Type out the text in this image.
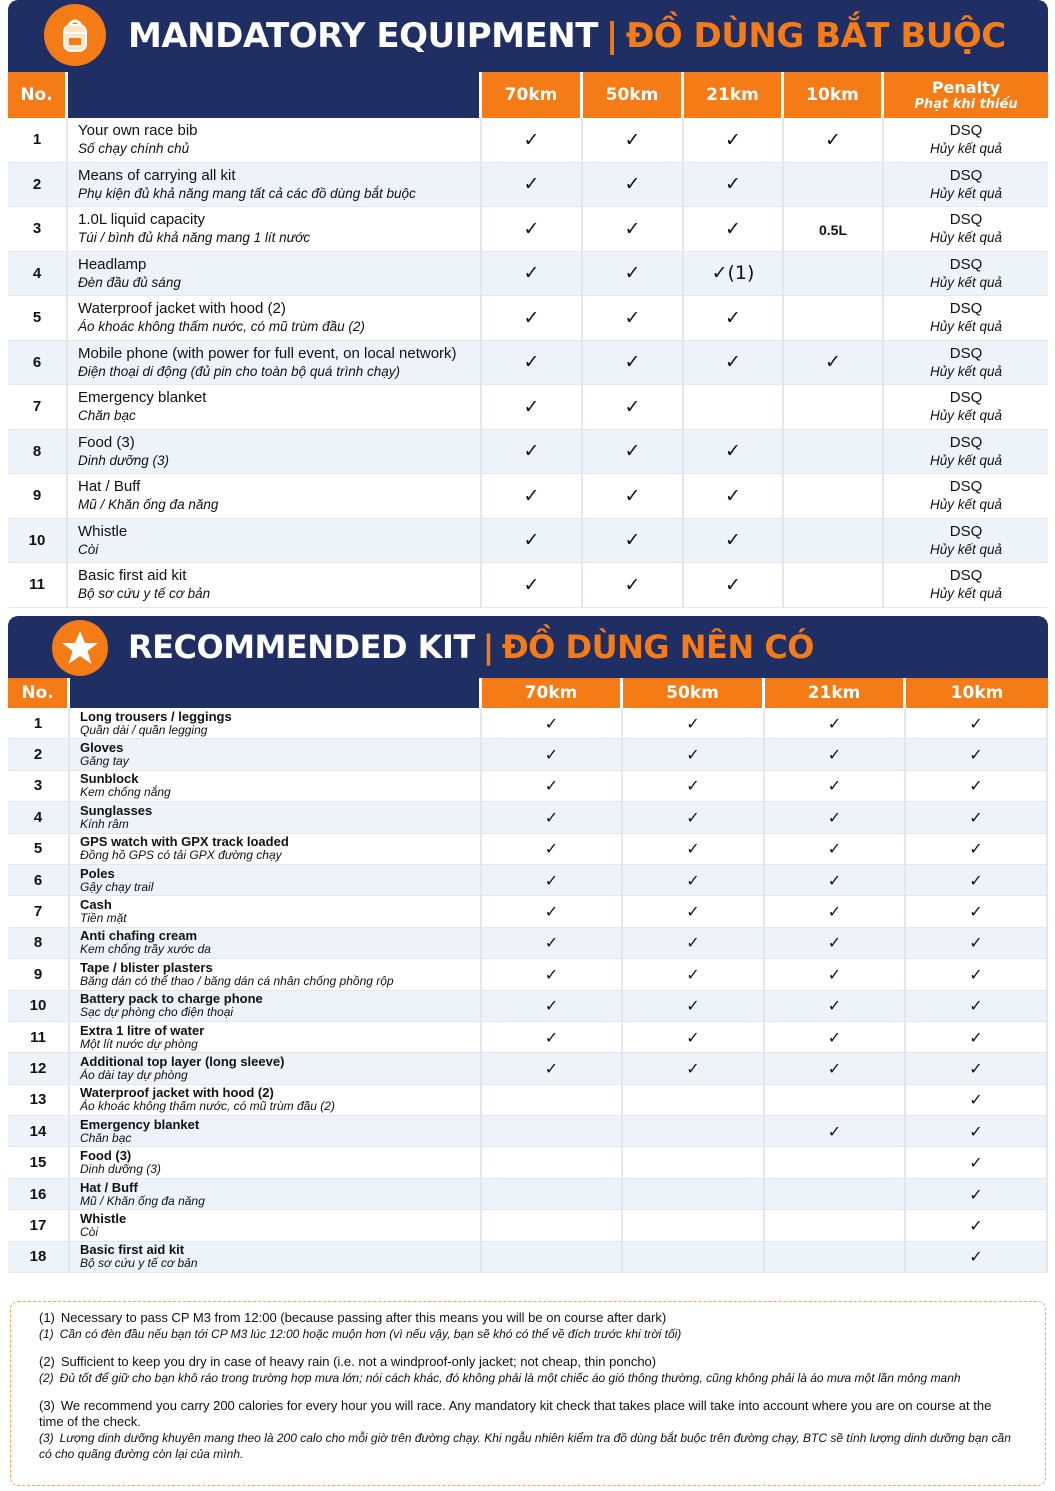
MANDATORY EQUIPMENT | ĐỒ DÙNG BẮT BUỘC
No.		70km	50km	21km	10km	Penalty
Phạt khi thiếu

1	Your own race bib
Số chạy chính chủ	✓	✓	✓	✓	DSQ
Hủy kết quả

2	Means of carrying all kit
Phụ kiện đủ khả năng mang tất cả các đồ dùng bắt buộc	✓	✓	✓		DSQ
Hủy kết quả

3	1.0L liquid capacity
Túi / bình đủ khả năng mang 1 lít nước	✓	✓	✓	0.5L	DSQ
Hủy kết quả

4	Headlamp
Đèn đầu đủ sáng	✓	✓	✓(1)		DSQ
Hủy kết quả

5	Waterproof jacket with hood (2)
Áo khoác không thấm nước, có mũ trùm đầu (2)	✓	✓	✓		DSQ
Hủy kết quả

6	Mobile phone (with power for full event, on local network)
Điện thoại di động (đủ pin cho toàn bộ quá trình chạy)	✓	✓	✓	✓	DSQ
Hủy kết quả

7	Emergency blanket
Chăn bạc	✓	✓			DSQ
Hủy kết quả

8	Food (3)
Dinh dưỡng (3)	✓	✓	✓		DSQ
Hủy kết quả

9	Hat / Buff
Mũ / Khăn ống đa năng	✓	✓	✓		DSQ
Hủy kết quả

10	Whistle
Còi	✓	✓	✓		DSQ
Hủy kết quả

11	Basic first aid kit
Bộ sơ cứu y tế cơ bản	✓	✓	✓		DSQ
Hủy kết quả
RECOMMENDED KIT | ĐỒ DÙNG NÊN CÓ
No.		70km	50km	21km	10km
1	Long trousers / leggings
Quần dài / quần legging	✓	✓	✓	✓
2	Gloves
Găng tay	✓	✓	✓	✓
3	Sunblock
Kem chống nắng	✓	✓	✓	✓
4	Sunglasses
Kính râm	✓	✓	✓	✓
5	GPS watch with GPX track loaded
Đồng hồ GPS có tải GPX đường chạy	✓	✓	✓	✓
6	Poles
Gậy chạy trail	✓	✓	✓	✓
7	Cash
Tiền mặt	✓	✓	✓	✓
8	Anti chafing cream
Kem chống trầy xước da	✓	✓	✓	✓
9	Tape / blister plasters
Băng dán có thể thao / băng dán cá nhân chống phồng rộp	✓	✓	✓	✓
10	Battery pack to charge phone
Sạc dự phòng cho điện thoại	✓	✓	✓	✓
11	Extra 1 litre of water
Một lít nước dự phòng	✓	✓	✓	✓
12	Additional top layer (long sleeve)
Áo dài tay dự phòng	✓	✓	✓	✓
13	Waterproof jacket with hood (2)
Áo khoác không thấm nước, có mũ trùm đầu (2)				✓
14	Emergency blanket
Chăn bạc			✓	✓
15	Food (3)
Dinh dưỡng (3)				✓
16	Hat / Buff
Mũ / Khăn ống đa năng				✓
17	Whistle
Còi				✓
18	Basic first aid kit
Bộ sơ cứu y tế cơ bản				✓
(1) Necessary to pass CP M3 from 12:00 (because passing after this means you will be on course after dark)
(1) Cần có đèn đầu nếu bạn tới CP M3 lúc 12:00 hoặc muộn hơn (vì nếu vậy, bạn sẽ khó có thể về đích trước khi trời tối)
(2) Sufficient to keep you dry in case of heavy rain (i.e. not a windproof-only jacket; not cheap, thin poncho)
(2) Đủ tốt để giữ cho bạn khô ráo trong trường hợp mưa lớn; nói cách khác, đó không phải là một chiếc áo gió thông thường, cũng không phải là áo mưa một lần mỏng manh
(3) We recommend you carry 200 calories for every hour you will race. Any mandatory kit check that takes place will take into account where you are on course at the time of the check.
(3) Lượng dinh dưỡng khuyên mang theo là 200 calo cho mỗi giờ trên đường chạy. Khi ngẫu nhiên kiểm tra đồ dùng bắt buộc trên đường chạy, BTC sẽ tính lượng dinh dưỡng bạn cần có cho quãng đường còn lại của mình.
